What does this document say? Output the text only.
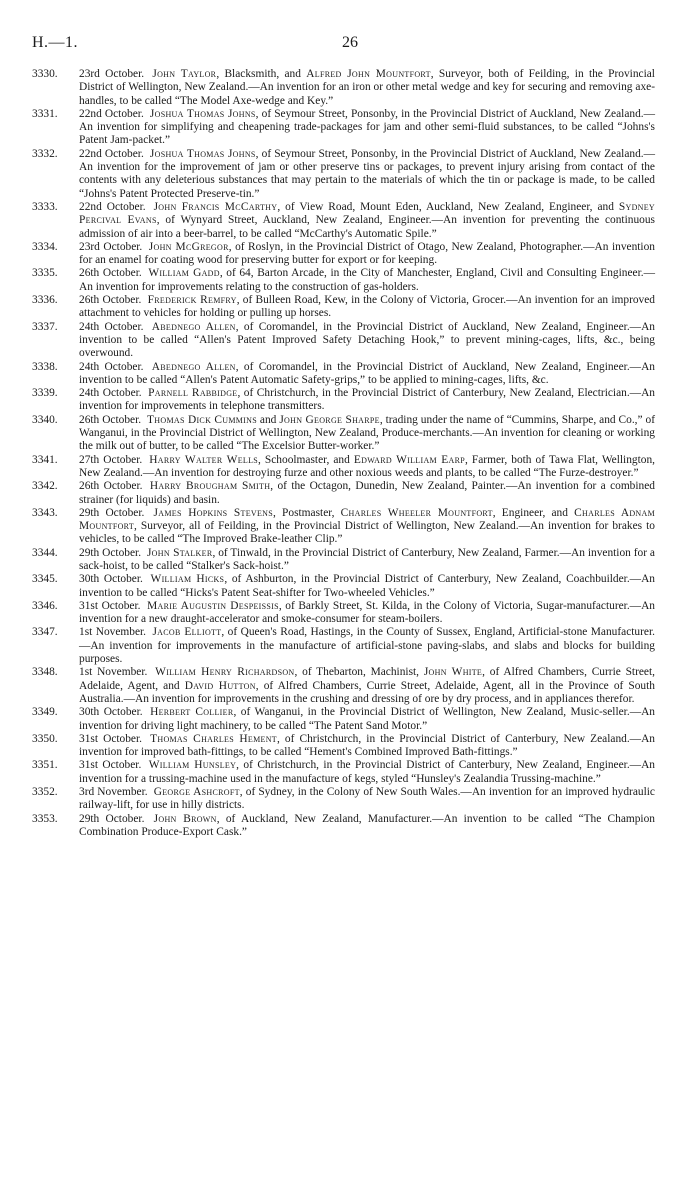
H.—1.	26

3330. 23rd October. John Taylor, Blacksmith, and Alfred John Mountfort, Surveyor, both of Feilding, in the Provincial District of Wellington, New Zealand.—An invention for an iron or other metal wedge and key for securing and removing axe-handles, to be called “The Model Axe-wedge and Key.”

3331. 22nd October. Joshua Thomas Johns, of Seymour Street, Ponsonby, in the Provincial District of Auckland, New Zealand.—An invention for simplifying and cheapening trade-packages for jam and other semi-fluid substances, to be called “Johns's Patent Jam-packet.”

3332. 22nd October. Joshua Thomas Johns, of Seymour Street, Ponsonby, in the Provincial District of Auckland, New Zealand.—An invention for the improvement of jam or other preserve tins or packages, to prevent injury arising from contact of the contents with any deleterious substances that may pertain to the materials of which the tin or package is made, to be called “Johns's Patent Protected Preserve-tin.”

3333. 22nd October. John Francis McCarthy, of View Road, Mount Eden, Auckland, New Zealand, Engineer, and Sydney Percival Evans, of Wynyard Street, Auckland, New Zealand, Engineer.—An invention for preventing the continuous admission of air into a beer-barrel, to be called “McCarthy's Automatic Spile.”

3334. 23rd October. John McGregor, of Roslyn, in the Provincial District of Otago, New Zealand, Photographer.—An invention for an enamel for coating wood for preserving butter for export or for keeping.

3335. 26th October. William Gadd, of 64, Barton Arcade, in the City of Manchester, England, Civil and Consulting Engineer.—An invention for improvements relating to the construction of gas-holders.

3336. 26th October. Frederick Remfry, of Bulleen Road, Kew, in the Colony of Victoria, Grocer.—An invention for an improved attachment to vehicles for holding or pulling up horses.

3337. 24th October. Abednego Allen, of Coromandel, in the Provincial District of Auckland, New Zealand, Engineer.—An invention to be called “Allen's Patent Improved Safety Detaching Hook,” to prevent mining-cages, lifts, &c., being overwound.

3338. 24th October. Abednego Allen, of Coromandel, in the Provincial District of Auckland, New Zealand, Engineer.—An invention to be called “Allen's Patent Automatic Safety-grips,” to be applied to mining-cages, lifts, &c.

3339. 24th October. Parnell Rabbidge, of Christchurch, in the Provincial District of Canterbury, New Zealand, Electrician.—An invention for improvements in telephone transmitters.

3340. 26th October. Thomas Dick Cummins and John George Sharpe, trading under the name of “Cummins, Sharpe, and Co.,” of Wanganui, in the Provincial District of Wellington, New Zealand, Produce-merchants.—An invention for cleaning or working the milk out of butter, to be called “The Excelsior Butter-worker.”

3341. 27th October. Harry Walter Wells, Schoolmaster, and Edward William Earp, Farmer, both of Tawa Flat, Wellington, New Zealand.—An invention for destroying furze and other noxious weeds and plants, to be called “The Furze-destroyer.”

3342. 26th October. Harry Brougham Smith, of the Octagon, Dunedin, New Zealand, Painter.—An invention for a combined strainer (for liquids) and basin.

3343. 29th October. James Hopkins Stevens, Postmaster, Charles Wheeler Mountfort, Engineer, and Charles Adnam Mountfort, Surveyor, all of Feilding, in the Provincial District of Wellington, New Zealand.—An invention for brakes to vehicles, to be called “The Improved Brake-leather Clip.”

3344. 29th October. John Stalker, of Tinwald, in the Provincial District of Canterbury, New Zealand, Farmer.—An invention for a sack-hoist, to be called “Stalker's Sack-hoist.”

3345. 30th October. William Hicks, of Ashburton, in the Provincial District of Canterbury, New Zealand, Coachbuilder.—An invention to be called “Hicks's Patent Seat-shifter for Two-wheeled Vehicles.”

3346. 31st October. Marie Augustin Despeissis, of Barkly Street, St. Kilda, in the Colony of Victoria, Sugar-manufacturer.—An invention for a new draught-accelerator and smoke-consumer for steam-boilers.

3347. 1st November. Jacob Elliott, of Queen's Road, Hastings, in the County of Sussex, England, Artificial-stone Manufacturer.—An invention for improvements in the manufacture of artificial-stone paving-slabs, and slabs and blocks for building purposes.

3348. 1st November. William Henry Richardson, of Thebarton, Machinist, John White, of Alfred Chambers, Currie Street, Adelaide, Agent, and David Hutton, of Alfred Chambers, Currie Street, Adelaide, Agent, all in the Province of South Australia.—An invention for improvements in the crushing and dressing of ore by dry process, and in appliances therefor.

3349. 30th October. Herbert Collier, of Wanganui, in the Provincial District of Wellington, New Zealand, Music-seller.—An invention for driving light machinery, to be called “The Patent Sand Motor.”

3350. 31st October. Thomas Charles Hement, of Christchurch, in the Provincial District of Canterbury, New Zealand.—An invention for improved bath-fittings, to be called “Hement's Combined Improved Bath-fittings.”

3351. 31st October. William Hunsley, of Christchurch, in the Provincial District of Canterbury, New Zealand, Engineer.—An invention for a trussing-machine used in the manufacture of kegs, styled “Hunsley's Zealandia Trussing-machine.”

3352. 3rd November. George Ashcroft, of Sydney, in the Colony of New South Wales.—An invention for an improved hydraulic railway-lift, for use in hilly districts.

3353. 29th October. John Brown, of Auckland, New Zealand, Manufacturer.—An invention to be called “The Champion Combination Produce-Export Cask.”
